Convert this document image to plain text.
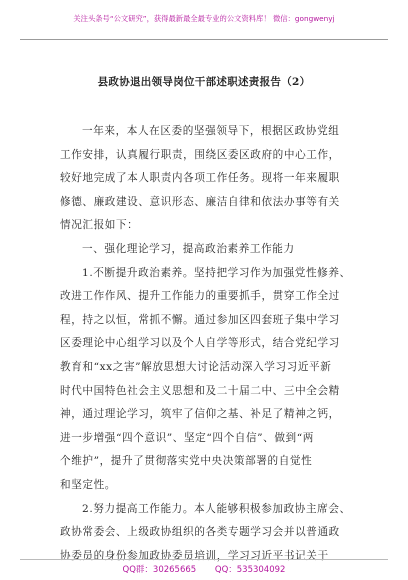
关注头条号“公文研究”，获得最新最全最专业的公文资料库！ 微信：gongwenyj
县政协退出领导岗位干部述职述责报告（2）
一年来，本人在区委的坚强领导下，根据区政协党组
工作安排，认真履行职责，围绕区委区政府的中心工作，
较好地完成了本人职责内各项工作任务。现将一年来履职
修德、廉政建设、意识形态、廉洁自律和依法办事等有关
情况汇报如下：
一、强化理论学习，提高政治素养工作能力
1.不断提升政治素养。坚持把学习作为加强党性修养、
改进工作作风、提升工作能力的重要抓手，贯穿工作全过
程，持之以恒，常抓不懈。通过参加区四套班子集中学习
区委理论中心组学习以及个人自学等形式，结合党纪学习
教育和“xx之害”解放思想大讨论活动深入学习习近平新
时代中国特色社会主义思想和及二十届二中、三中全会精
神，通过理论学习，筑牢了信仰之基、补足了精神之钙，
进一步增强“四个意识”、坚定“四个自信”、做到“两
个维护”，提升了贯彻落实党中央决策部署的自觉性
和坚定性。
2.努力提高工作能力。本人能够积极参加政协主席会、
政协常委会、上级政协组织的各类专题学习会并以普通政
协委员的身份参加政协委员培训，学习习近平书记关于
QQ群：30265665 QQ：535304092
